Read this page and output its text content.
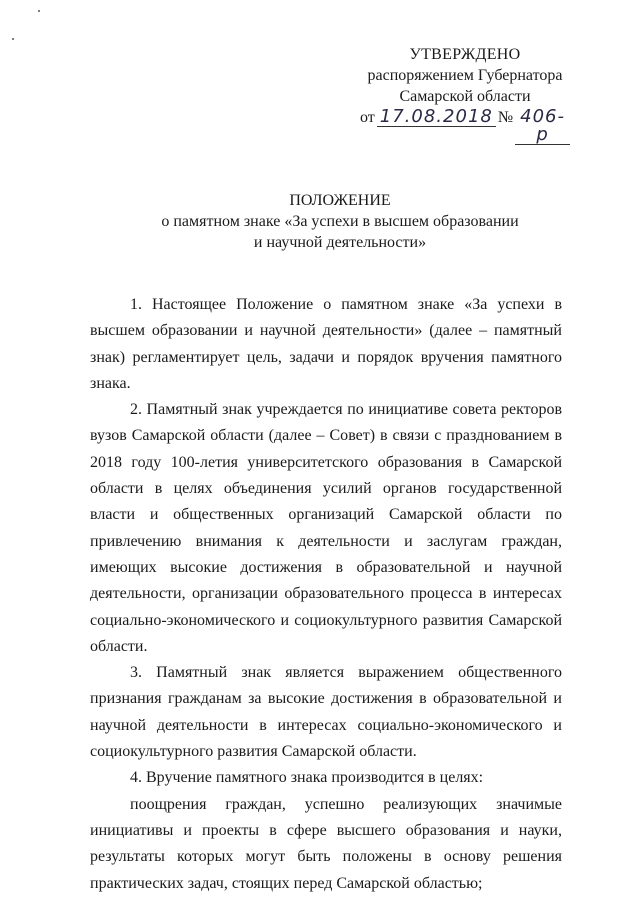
УТВЕРЖДЕНО
распоряжением Губернатора
Самарской области
от 17.08.2018 № 406-р
ПОЛОЖЕНИЕ
о памятном знаке «За успехи в высшем образовании
и научной деятельности»

1. Настоящее Положение о памятном знаке «За успехи в высшем образовании и научной деятельности» (далее – памятный знак) регламентирует цель, задачи и порядок вручения памятного знака.

2. Памятный знак учреждается по инициативе совета ректоров вузов Самарской области (далее – Совет) в связи с празднованием в 2018 году 100-летия университетского образования в Самарской области в целях объединения усилий органов государственной власти и общественных организаций Самарской области по привлечению внимания к деятельности и заслугам граждан, имеющих высокие достижения в образовательной и научной деятельности, организации образовательного процесса в интересах социально-экономического и социокультурного развития Самарской области.

3. Памятный знак является выражением общественного признания гражданам за высокие достижения в образовательной и научной деятельности в интересах социально-экономического и социокультурного развития Самарской области.

4. Вручение памятного знака производится в целях:

поощрения граждан, успешно реализующих значимые инициативы и проекты в сфере высшего образования и науки, результаты которых могут быть положены в основу решения практических задач, стоящих перед Самарской областью;
